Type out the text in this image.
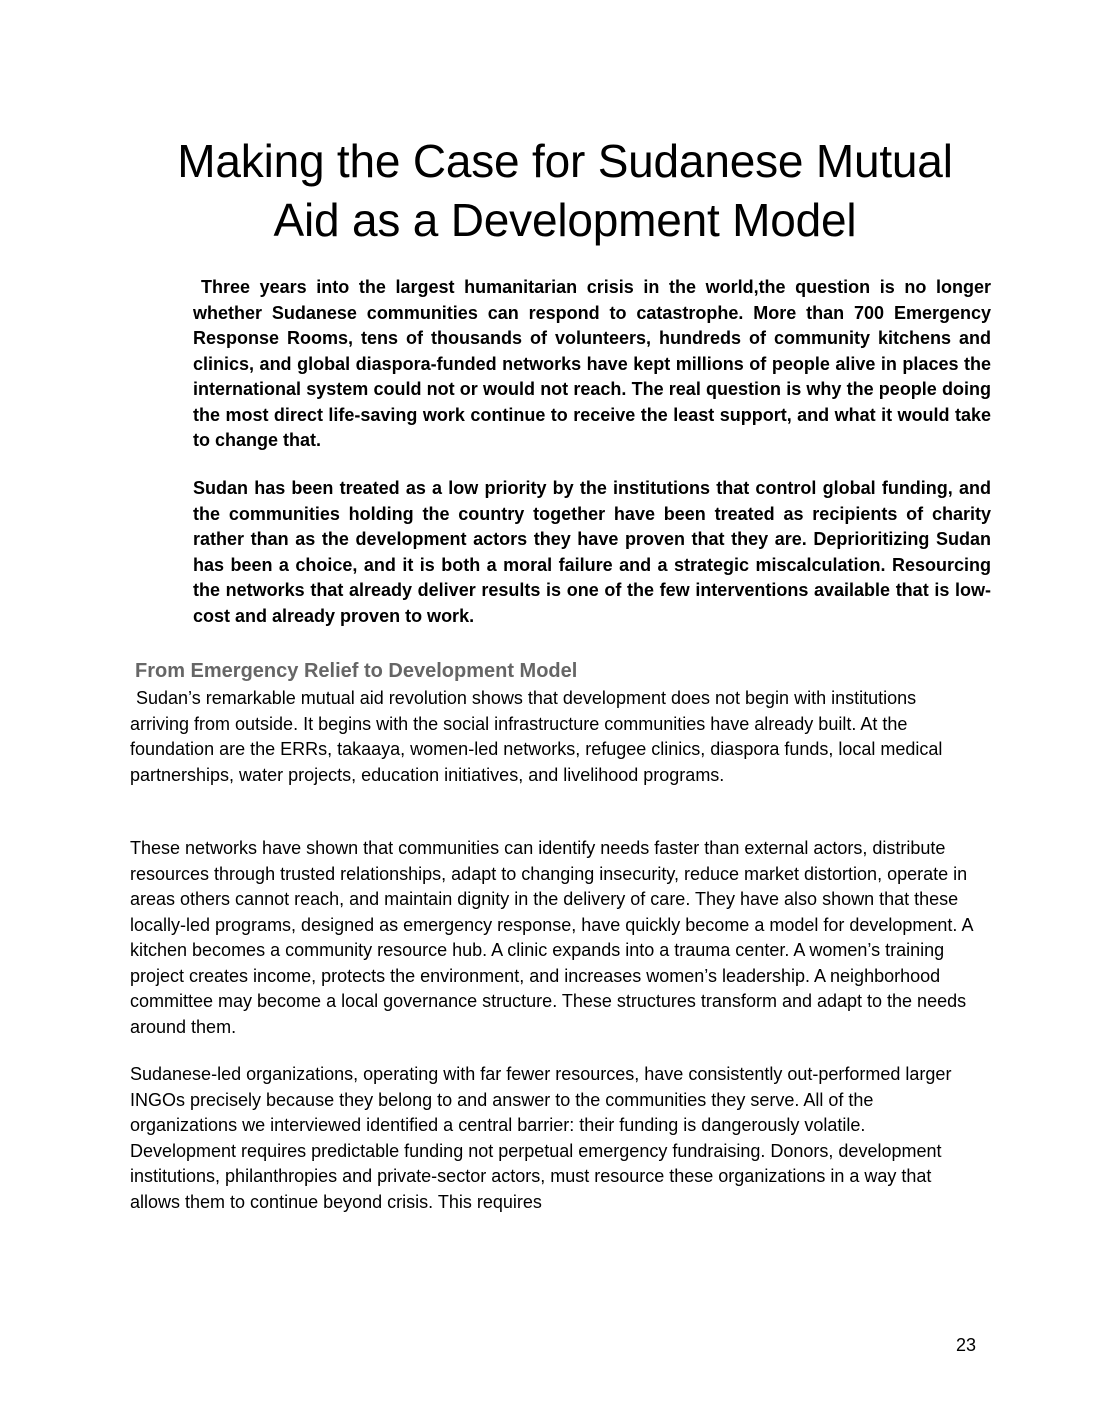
Making the Case for Sudanese Mutual
Aid as a Development Model

Three years into the largest humanitarian crisis in the world,the question is no longer whether Sudanese communities can respond to catastrophe. More than 700 Emergency Response Rooms, tens of thousands of volunteers, hundreds of community kitchens and clinics, and global diaspora-funded networks have kept millions of people alive in places the international system could not or would not reach. The real question is why the people doing the most direct life-saving work continue to receive the least support, and what it would take to change that.

Sudan has been treated as a low priority by the institutions that control global funding, and the communities holding the country together have been treated as recipients of charity rather than as the development actors they have proven that they are. Deprioritizing Sudan has been a choice, and it is both a moral failure and a strategic miscalculation. Resourcing the networks that already deliver results is one of the few interventions available that is low-cost and already proven to work.

From Emergency Relief to Development Model

Sudan’s remarkable mutual aid revolution shows that development does not begin with institutions arriving from outside. It begins with the social infrastructure communities have already built. At the foundation are the ERRs, takaaya, women-led networks, refugee clinics, diaspora funds, local medical partnerships, water projects, education initiatives, and livelihood programs.

These networks have shown that communities can identify needs faster than external actors, distribute resources through trusted relationships, adapt to changing insecurity, reduce market distortion, operate in areas others cannot reach, and maintain dignity in the delivery of care. They have also shown that these locally-led programs, designed as emergency response, have quickly become a model for development. A kitchen becomes a community resource hub. A clinic expands into a trauma center. A women’s training project creates income, protects the environment, and increases women’s leadership. A neighborhood committee may become a local governance structure. These structures transform and adapt to the needs around them.

Sudanese-led organizations, operating with far fewer resources, have consistently out-performed larger INGOs precisely because they belong to and answer to the communities they serve. All of the organizations we interviewed identified a central barrier: their funding is dangerously volatile. Development requires predictable funding not perpetual emergency fundraising. Donors, development institutions, philanthropies and private-sector actors, must resource these organizations in a way that allows them to continue beyond crisis. This requires

23
